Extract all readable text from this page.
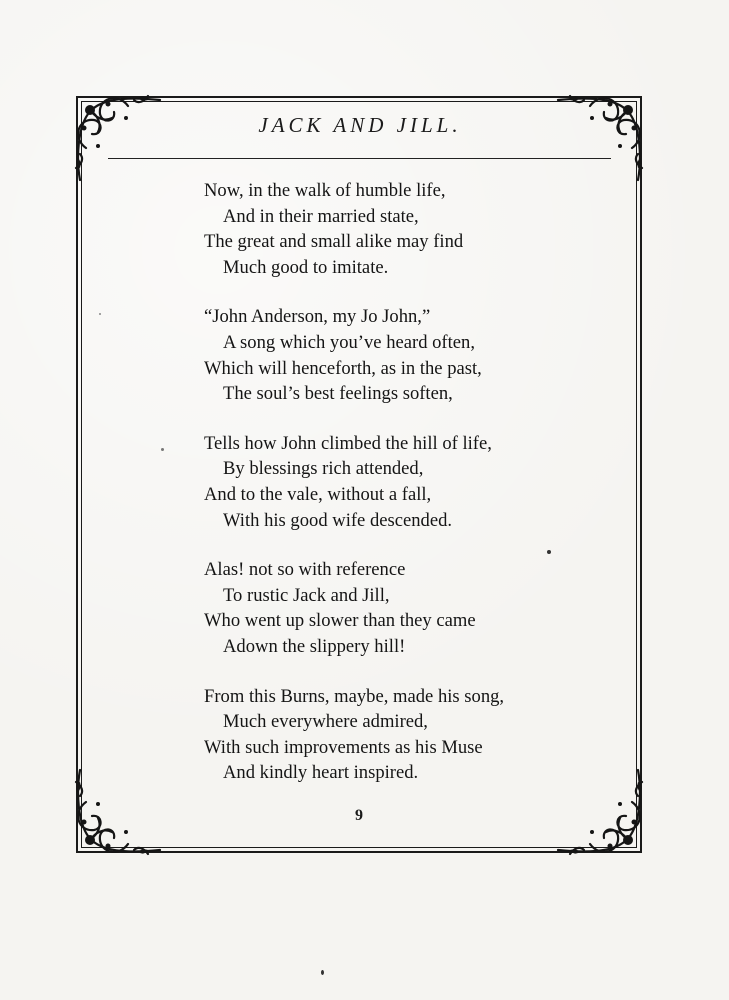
JACK AND JILL.
Now, in the walk of humble life,
And in their married state,
The great and small alike may find
Much good to imitate.
“John Anderson, my Jo John,”
A song which you’ve heard often,
Which will henceforth, as in the past,
The soul’s best feelings soften,
Tells how John climbed the hill of life,
By blessings rich attended,
And to the vale, without a fall,
With his good wife descended.
Alas! not so with reference
To rustic Jack and Jill,
Who went up slower than they came
Adown the slippery hill!
From this Burns, maybe, made his song,
Much everywhere admired,
With such improvements as his Muse
And kindly heart inspired.
9
